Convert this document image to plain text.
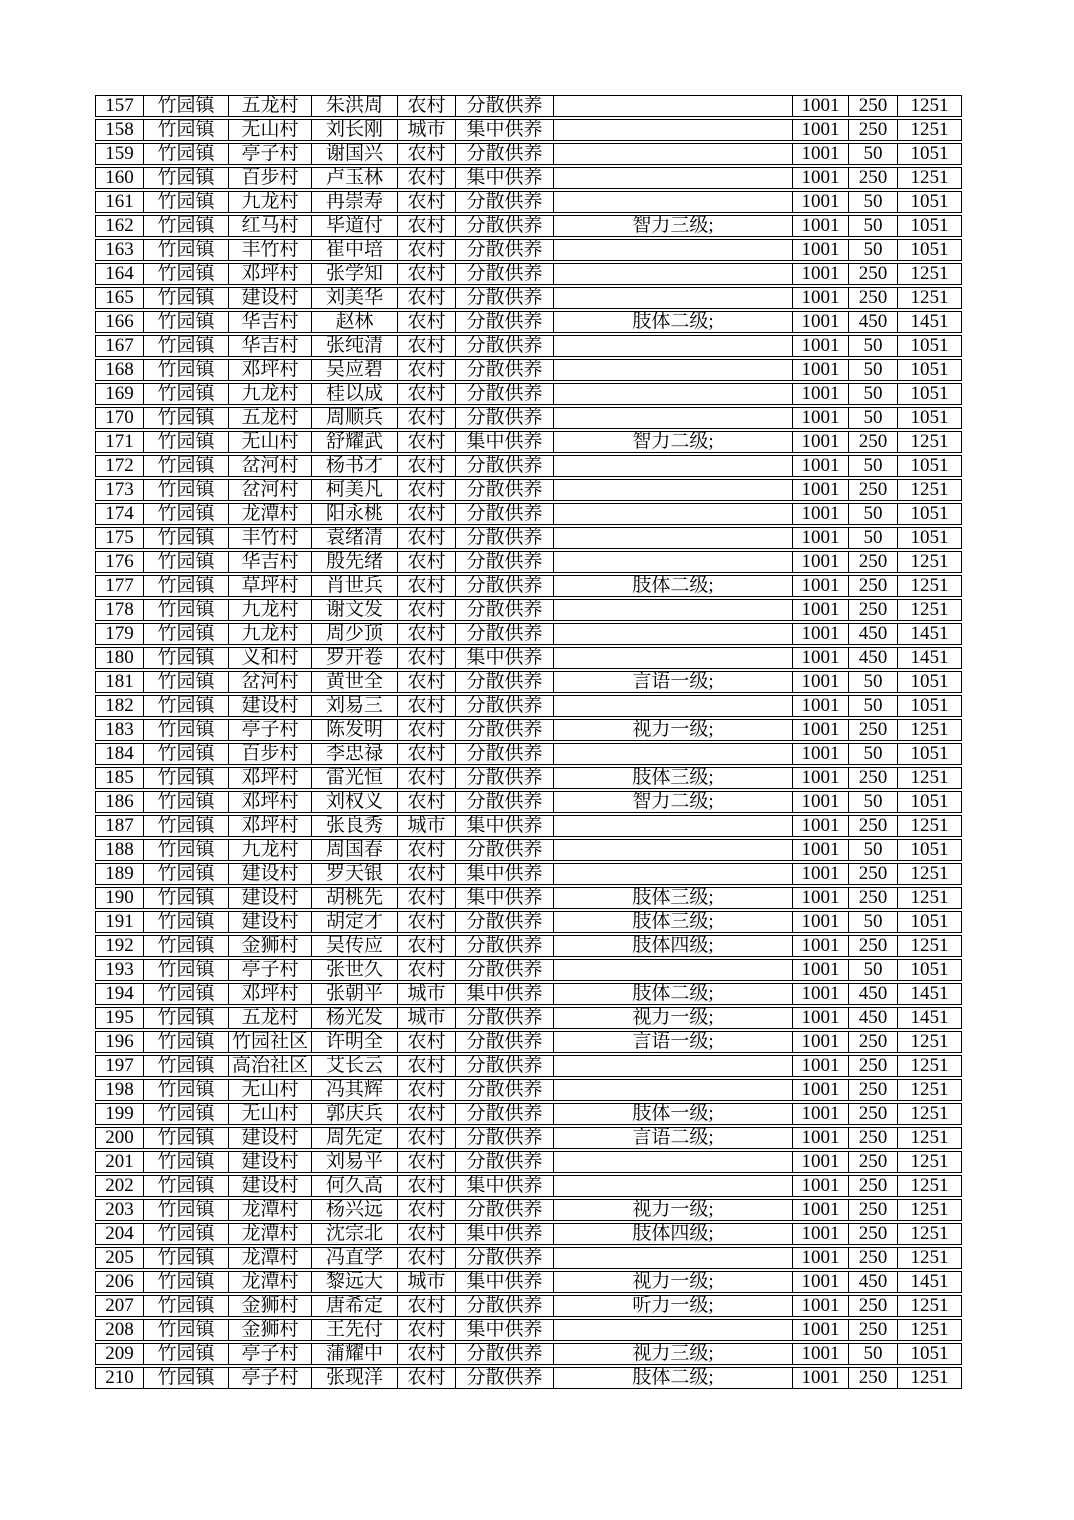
157	竹园镇	五龙村	朱洪周	农村	分散供养		1001	250	1251
158	竹园镇	无山村	刘长刚	城市	集中供养		1001	250	1251
159	竹园镇	亭子村	谢国兴	农村	分散供养		1001	50	1051
160	竹园镇	百步村	卢玉林	农村	集中供养		1001	250	1251
161	竹园镇	九龙村	冉崇寿	农村	分散供养		1001	50	1051
162	竹园镇	红马村	毕道付	农村	分散供养	智力三级;	1001	50	1051
163	竹园镇	丰竹村	崔中培	农村	分散供养		1001	50	1051
164	竹园镇	邓坪村	张学知	农村	分散供养		1001	250	1251
165	竹园镇	建设村	刘美华	农村	分散供养		1001	250	1251
166	竹园镇	华吉村	赵林	农村	分散供养	肢体二级;	1001	450	1451
167	竹园镇	华吉村	张纯清	农村	分散供养		1001	50	1051
168	竹园镇	邓坪村	吴应碧	农村	分散供养		1001	50	1051
169	竹园镇	九龙村	桂以成	农村	分散供养		1001	50	1051
170	竹园镇	五龙村	周顺兵	农村	分散供养		1001	50	1051
171	竹园镇	无山村	舒耀武	农村	集中供养	智力二级;	1001	250	1251
172	竹园镇	岔河村	杨书才	农村	分散供养		1001	50	1051
173	竹园镇	岔河村	柯美凡	农村	分散供养		1001	250	1251
174	竹园镇	龙潭村	阳永桃	农村	分散供养		1001	50	1051
175	竹园镇	丰竹村	袁绪清	农村	分散供养		1001	50	1051
176	竹园镇	华吉村	殷先绪	农村	分散供养		1001	250	1251
177	竹园镇	草坪村	肖世兵	农村	分散供养	肢体二级;	1001	250	1251
178	竹园镇	九龙村	谢文发	农村	分散供养		1001	250	1251
179	竹园镇	九龙村	周少顶	农村	分散供养		1001	450	1451
180	竹园镇	义和村	罗开卷	农村	集中供养		1001	450	1451
181	竹园镇	岔河村	黄世全	农村	分散供养	言语一级;	1001	50	1051
182	竹园镇	建设村	刘易三	农村	分散供养		1001	50	1051
183	竹园镇	亭子村	陈发明	农村	分散供养	视力一级;	1001	250	1251
184	竹园镇	百步村	李忠禄	农村	分散供养		1001	50	1051
185	竹园镇	邓坪村	雷光恒	农村	分散供养	肢体三级;	1001	250	1251
186	竹园镇	邓坪村	刘权义	农村	分散供养	智力二级;	1001	50	1051
187	竹园镇	邓坪村	张良秀	城市	集中供养		1001	250	1251
188	竹园镇	九龙村	周国春	农村	分散供养		1001	50	1051
189	竹园镇	建设村	罗天银	农村	集中供养		1001	250	1251
190	竹园镇	建设村	胡桃先	农村	集中供养	肢体三级;	1001	250	1251
191	竹园镇	建设村	胡定才	农村	分散供养	肢体三级;	1001	50	1051
192	竹园镇	金狮村	吴传应	农村	分散供养	肢体四级;	1001	250	1251
193	竹园镇	亭子村	张世久	农村	分散供养		1001	50	1051
194	竹园镇	邓坪村	张朝平	城市	集中供养	肢体二级;	1001	450	1451
195	竹园镇	五龙村	杨光发	城市	分散供养	视力一级;	1001	450	1451
196	竹园镇	竹园社区	许明全	农村	分散供养	言语一级;	1001	250	1251
197	竹园镇	高治社区	艾长云	农村	分散供养		1001	250	1251
198	竹园镇	无山村	冯其辉	农村	分散供养		1001	250	1251
199	竹园镇	无山村	郭庆兵	农村	分散供养	肢体一级;	1001	250	1251
200	竹园镇	建设村	周先定	农村	分散供养	言语二级;	1001	250	1251
201	竹园镇	建设村	刘易平	农村	分散供养		1001	250	1251
202	竹园镇	建设村	何久高	农村	集中供养		1001	250	1251
203	竹园镇	龙潭村	杨兴远	农村	分散供养	视力一级;	1001	250	1251
204	竹园镇	龙潭村	沈宗北	农村	集中供养	肢体四级;	1001	250	1251
205	竹园镇	龙潭村	冯直学	农村	分散供养		1001	250	1251
206	竹园镇	龙潭村	黎远大	城市	集中供养	视力一级;	1001	450	1451
207	竹园镇	金狮村	唐希定	农村	分散供养	听力一级;	1001	250	1251
208	竹园镇	金狮村	王先付	农村	集中供养		1001	250	1251
209	竹园镇	亭子村	蒲耀中	农村	分散供养	视力三级;	1001	50	1051
210	竹园镇	亭子村	张现洋	农村	分散供养	肢体二级;	1001	250	1251
